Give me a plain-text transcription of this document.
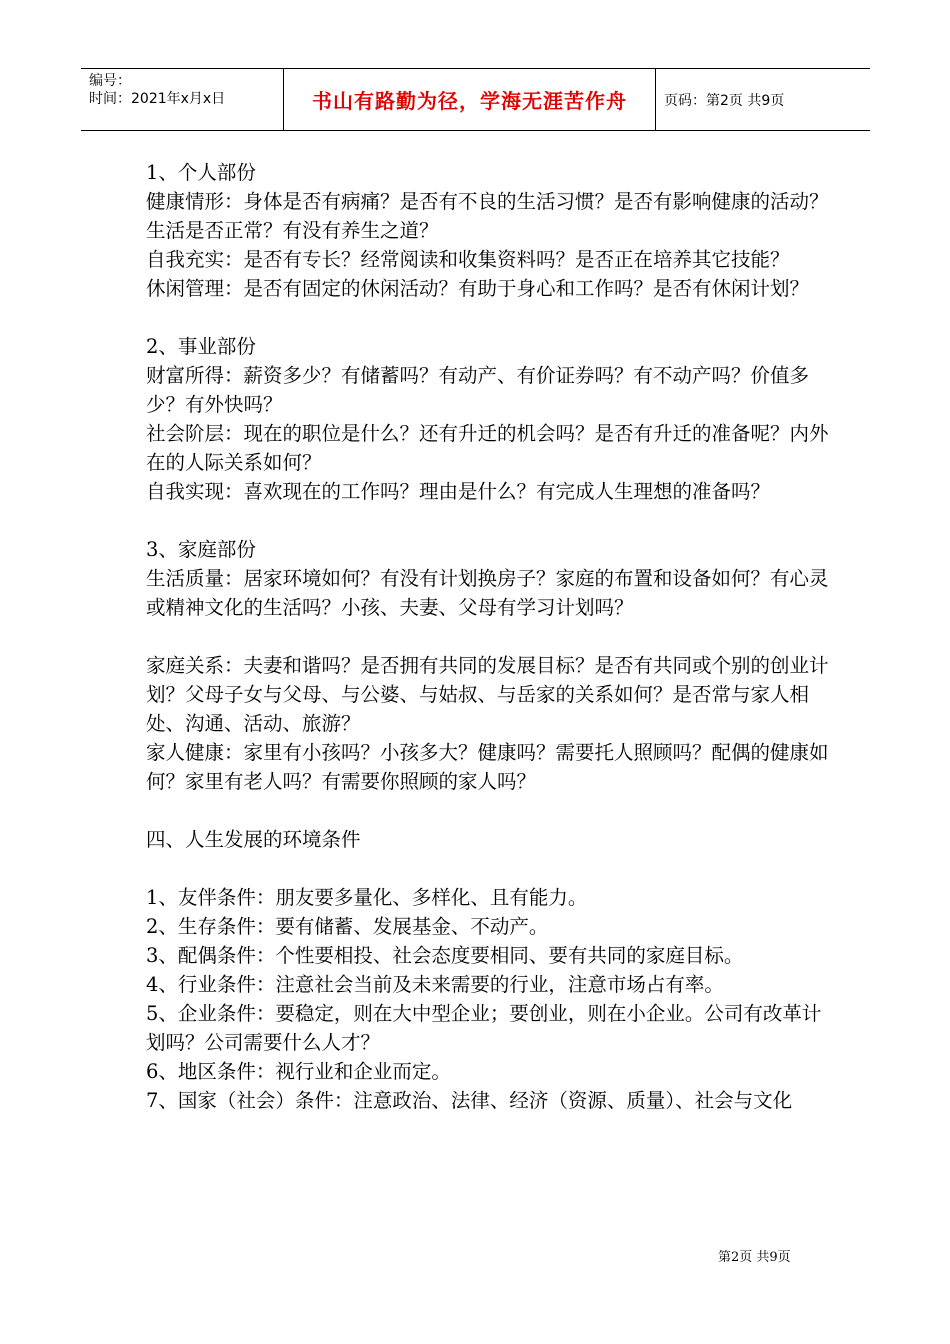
编号：
时间：2021年x月x日	书山有路勤为径，学海无涯苦作舟	页码：第2页 共9页

1、个人部份

健康情形：身体是否有病痛？是否有不良的生活习惯？是否有影响健康的活动？生活是否正常？有没有养生之道？

自我充实：是否有专长？经常阅读和收集资料吗？是否正在培养其它技能？

休闲管理：是否有固定的休闲活动？有助于身心和工作吗？是否有休闲计划？

2、事业部份

财富所得：薪资多少？有储蓄吗？有动产、有价证券吗？有不动产吗？价值多少？有外快吗？

社会阶层：现在的职位是什么？还有升迁的机会吗？是否有升迁的准备呢？内外在的人际关系如何？

自我实现：喜欢现在的工作吗？理由是什么？有完成人生理想的准备吗？

3、家庭部份

生活质量：居家环境如何？有没有计划换房子？家庭的布置和设备如何？有心灵或精神文化的生活吗？小孩、夫妻、父母有学习计划吗？

家庭关系：夫妻和谐吗？是否拥有共同的发展目标？是否有共同或个别的创业计划？父母子女与父母、与公婆、与姑叔、与岳家的关系如何？是否常与家人相处、沟通、活动、旅游？

家人健康：家里有小孩吗？小孩多大？健康吗？需要托人照顾吗？配偶的健康如何？家里有老人吗？有需要你照顾的家人吗？

四、人生发展的环境条件

1、友伴条件：朋友要多量化、多样化、且有能力。

2、生存条件：要有储蓄、发展基金、不动产。

3、配偶条件：个性要相投、社会态度要相同、要有共同的家庭目标。

4、行业条件：注意社会当前及未来需要的行业，注意市场占有率。

5、企业条件：要稳定，则在大中型企业；要创业，则在小企业。公司有改革计划吗？公司需要什么人才？

6、地区条件：视行业和企业而定。

7、国家（社会）条件：注意政治、法律、经济（资源、质量）、社会与文化

第2页 共9页
